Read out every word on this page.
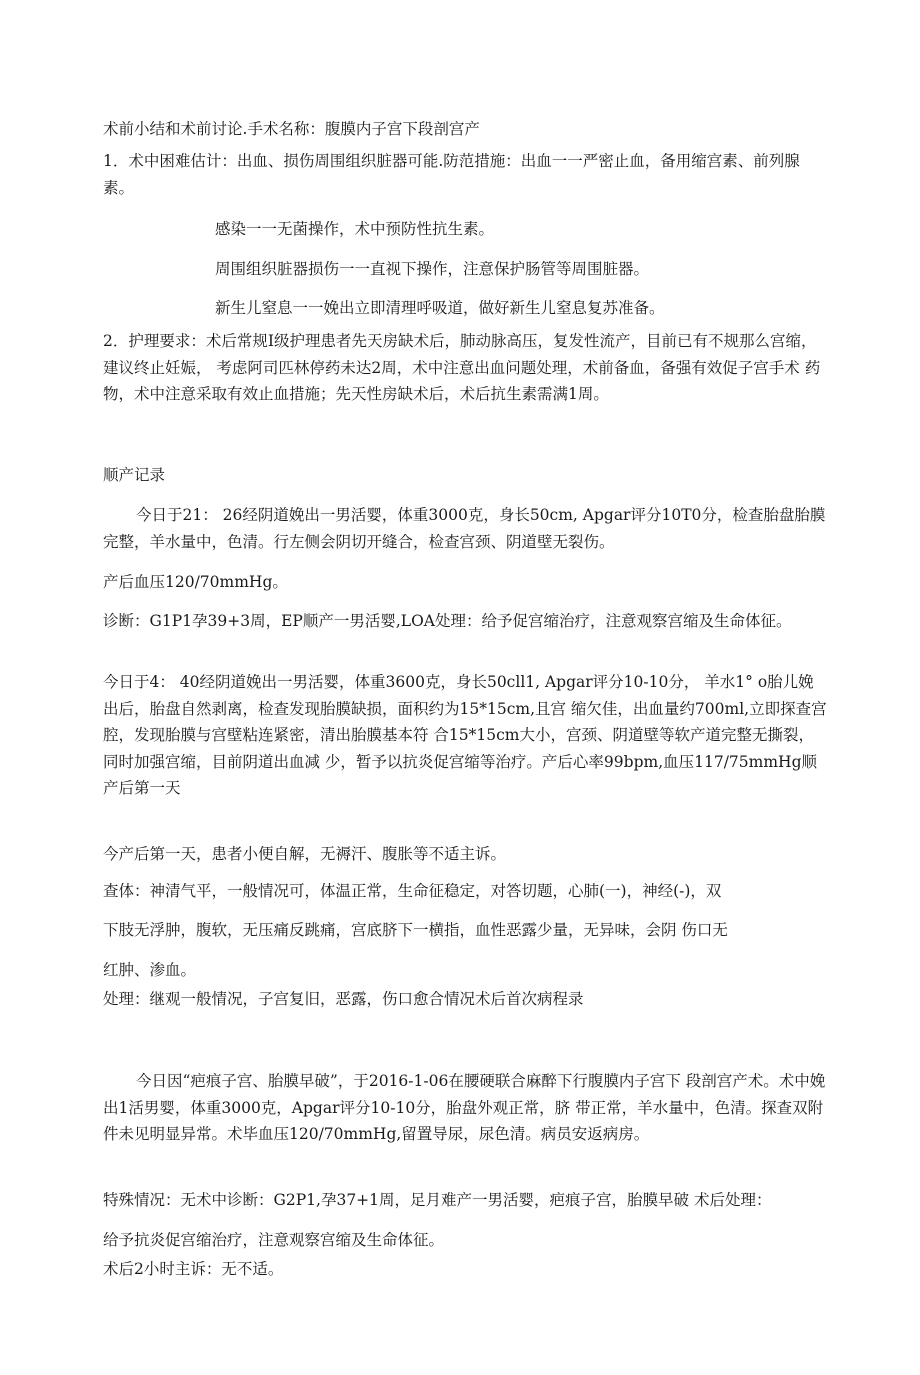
术前小结和术前讨论.手术名称：腹膜内子宫下段剖宫产

1．术中困难估计：出血、损伤周围组织脏器可能.防范措施：出血一一严密止血，备用缩宫素、前列腺素。

感染一一无菌操作，术中预防性抗生素。

周围组织脏器损伤一一直视下操作，注意保护肠管等周围脏器。

新生儿窒息一一娩出立即清理呼吸道，做好新生儿窒息复苏准备。

2．护理要求：术后常规I级护理患者先天房缺术后，肺动脉高压，复发性流产，目前已有不规那么宫缩，建议终止妊娠， 考虑阿司匹林停药未达2周，术中注意出血问题处理，术前备血，备强有效促子宫手术 药物，术中注意采取有效止血措施；先天性房缺术后，术后抗生素需满1周。

顺产记录

今日于21： 26经阴道娩出一男活婴，体重3000克，身长50cm, Apgar评分10T0分，检查胎盘胎膜完整，羊水量中，色清。行左侧会阴切开缝合，检查宫颈、阴道壁无裂伤。

产后血压120/70mmHg。

诊断：G1P1孕39+3周，EP顺产一男活婴,LOA处理：给予促宫缩治疗，注意观察宫缩及生命体征。

今日于4： 40经阴道娩出一男活婴，体重3600克，身长50cll1, Apgar评分10-10分， 羊水1° o胎儿娩出后，胎盘自然剥离，检查发现胎膜缺损，面积约为15*15cm,且宫 缩欠佳，出血量约700ml,立即探查宫腔，发现胎膜与宫壁粘连紧密，清出胎膜基本符 合15*15cm大小，宫颈、阴道壁等软产道完整无撕裂，同时加强宫缩，目前阴道出血减 少，暂予以抗炎促宫缩等治疗。产后心率99bpm,血压117/75mmHg顺产后第一天

今产后第一天，患者小便自解，无褥汗、腹胀等不适主诉。

查体：神清气平，一般情况可，体温正常，生命征稳定，对答切题，心肺(一)，神经(-)，双

下肢无浮肿，腹软，无压痛反跳痛，宫底脐下一横指，血性恶露少量，无异味，会阴 伤口无

红肿、渗血。

处理：继观一般情况，子宫复旧，恶露，伤口愈合情况术后首次病程录

今日因“疤痕子宫、胎膜早破”，于2016-1-06在腰硬联合麻醉下行腹膜内子宫下 段剖宫产术。术中娩出1活男婴，体重3000克，Apgar评分10-10分，胎盘外观正常，脐 带正常，羊水量中，色清。探查双附件未见明显异常。术毕血压120/70mmHg,留置导尿，尿色清。病员安返病房。

特殊情况：无术中诊断：G2P1,孕37+1周，足月难产一男活婴，疤痕子宫，胎膜早破 术后处理：

给予抗炎促宫缩治疗，注意观察宫缩及生命体征。

术后2小时主诉：无不适。
